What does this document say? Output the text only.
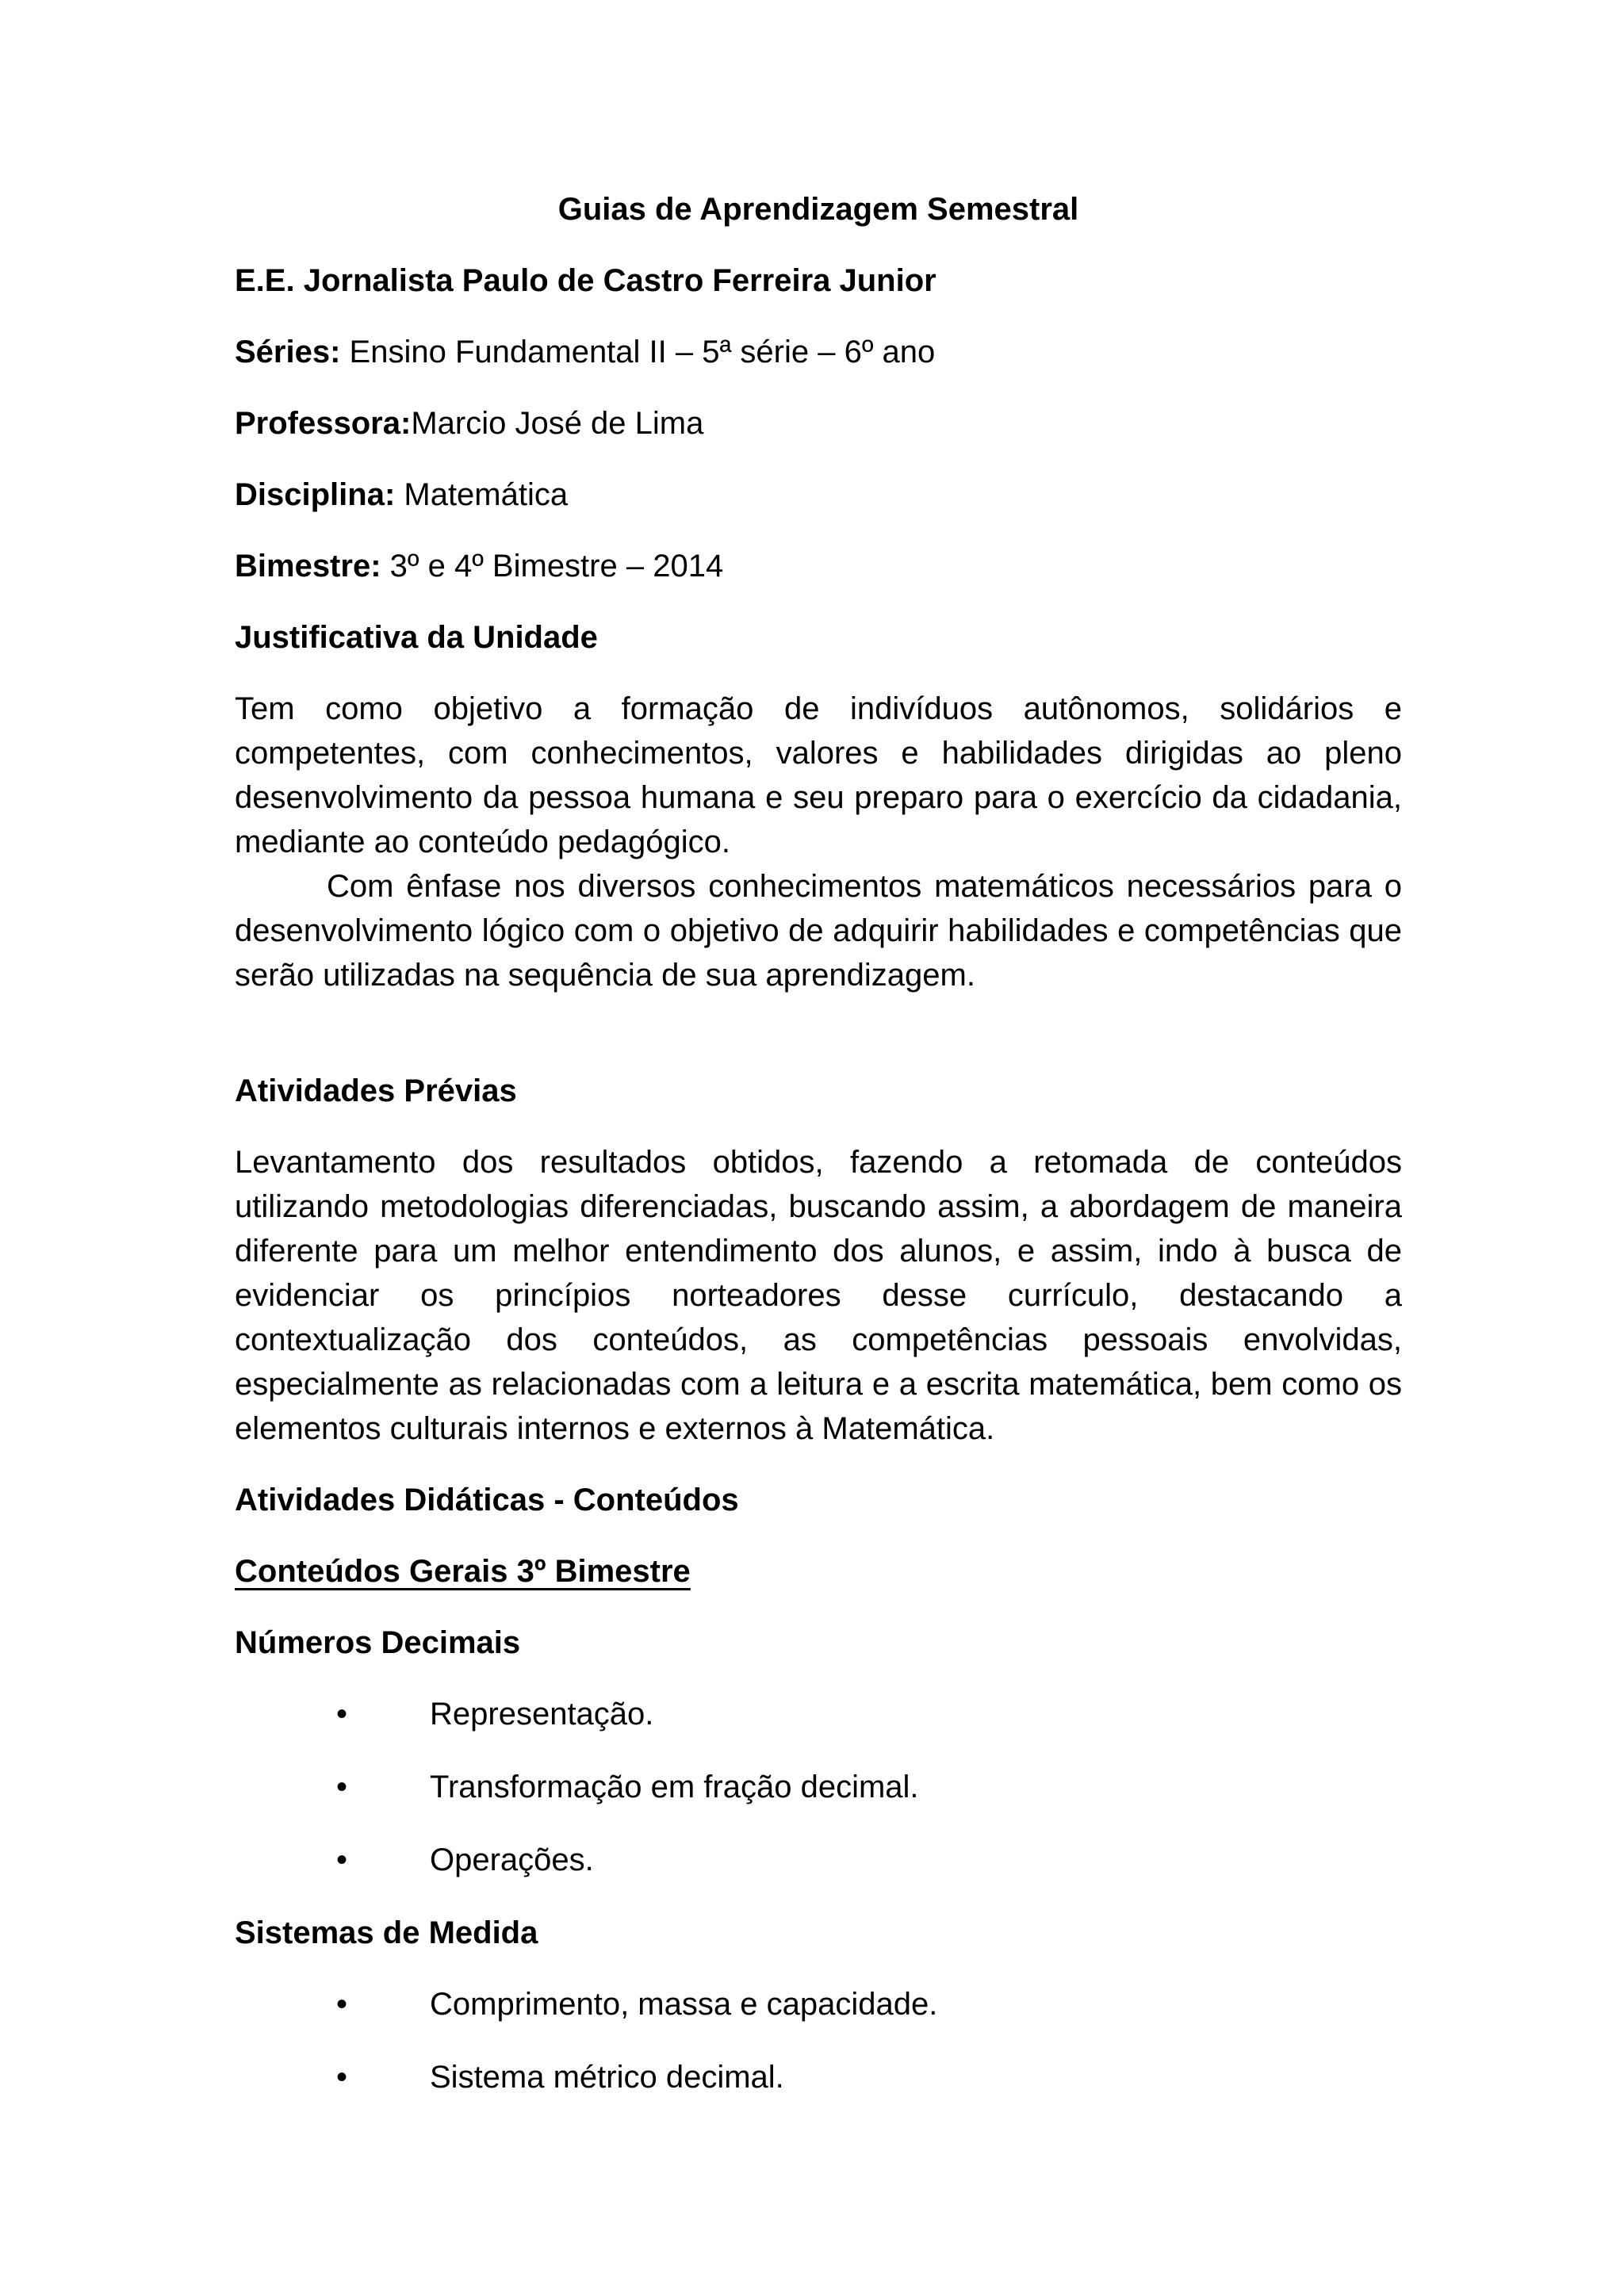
Guias de Aprendizagem Semestral
E.E. Jornalista Paulo de Castro Ferreira Junior
Séries: Ensino Fundamental II – 5ª série – 6º ano
Professora:Marcio José de Lima
Disciplina: Matemática
Bimestre: 3º e 4º Bimestre – 2014
Justificativa da Unidade

Tem como objetivo a formação de indivíduos autônomos, solidários e competentes, com conhecimentos, valores e habilidades dirigidas ao pleno desenvolvimento da pessoa humana e seu preparo para o exercício da cidadania, mediante ao conteúdo pedagógico.

Com ênfase nos diversos conhecimentos matemáticos necessários para o desenvolvimento lógico com o objetivo de adquirir habilidades e competências que serão utilizadas na sequência de sua aprendizagem.

Atividades Prévias

Levantamento dos resultados obtidos, fazendo a retomada de conteúdos utilizando metodologias diferenciadas, buscando assim, a abordagem de maneira diferente para um melhor entendimento dos alunos, e assim, indo à busca de evidenciar os princípios norteadores desse currículo, destacando a contextualização dos conteúdos, as competências pessoais envolvidas, especialmente as relacionadas com a leitura e a escrita matemática, bem como os elementos culturais internos e externos à Matemática.

Atividades Didáticas - Conteúdos
Conteúdos Gerais 3º Bimestre
Números Decimais
•	Representação.
•	Transformação em fração decimal.
•	Operações.
Sistemas de Medida
•	Comprimento, massa e capacidade.
•	Sistema métrico decimal.
